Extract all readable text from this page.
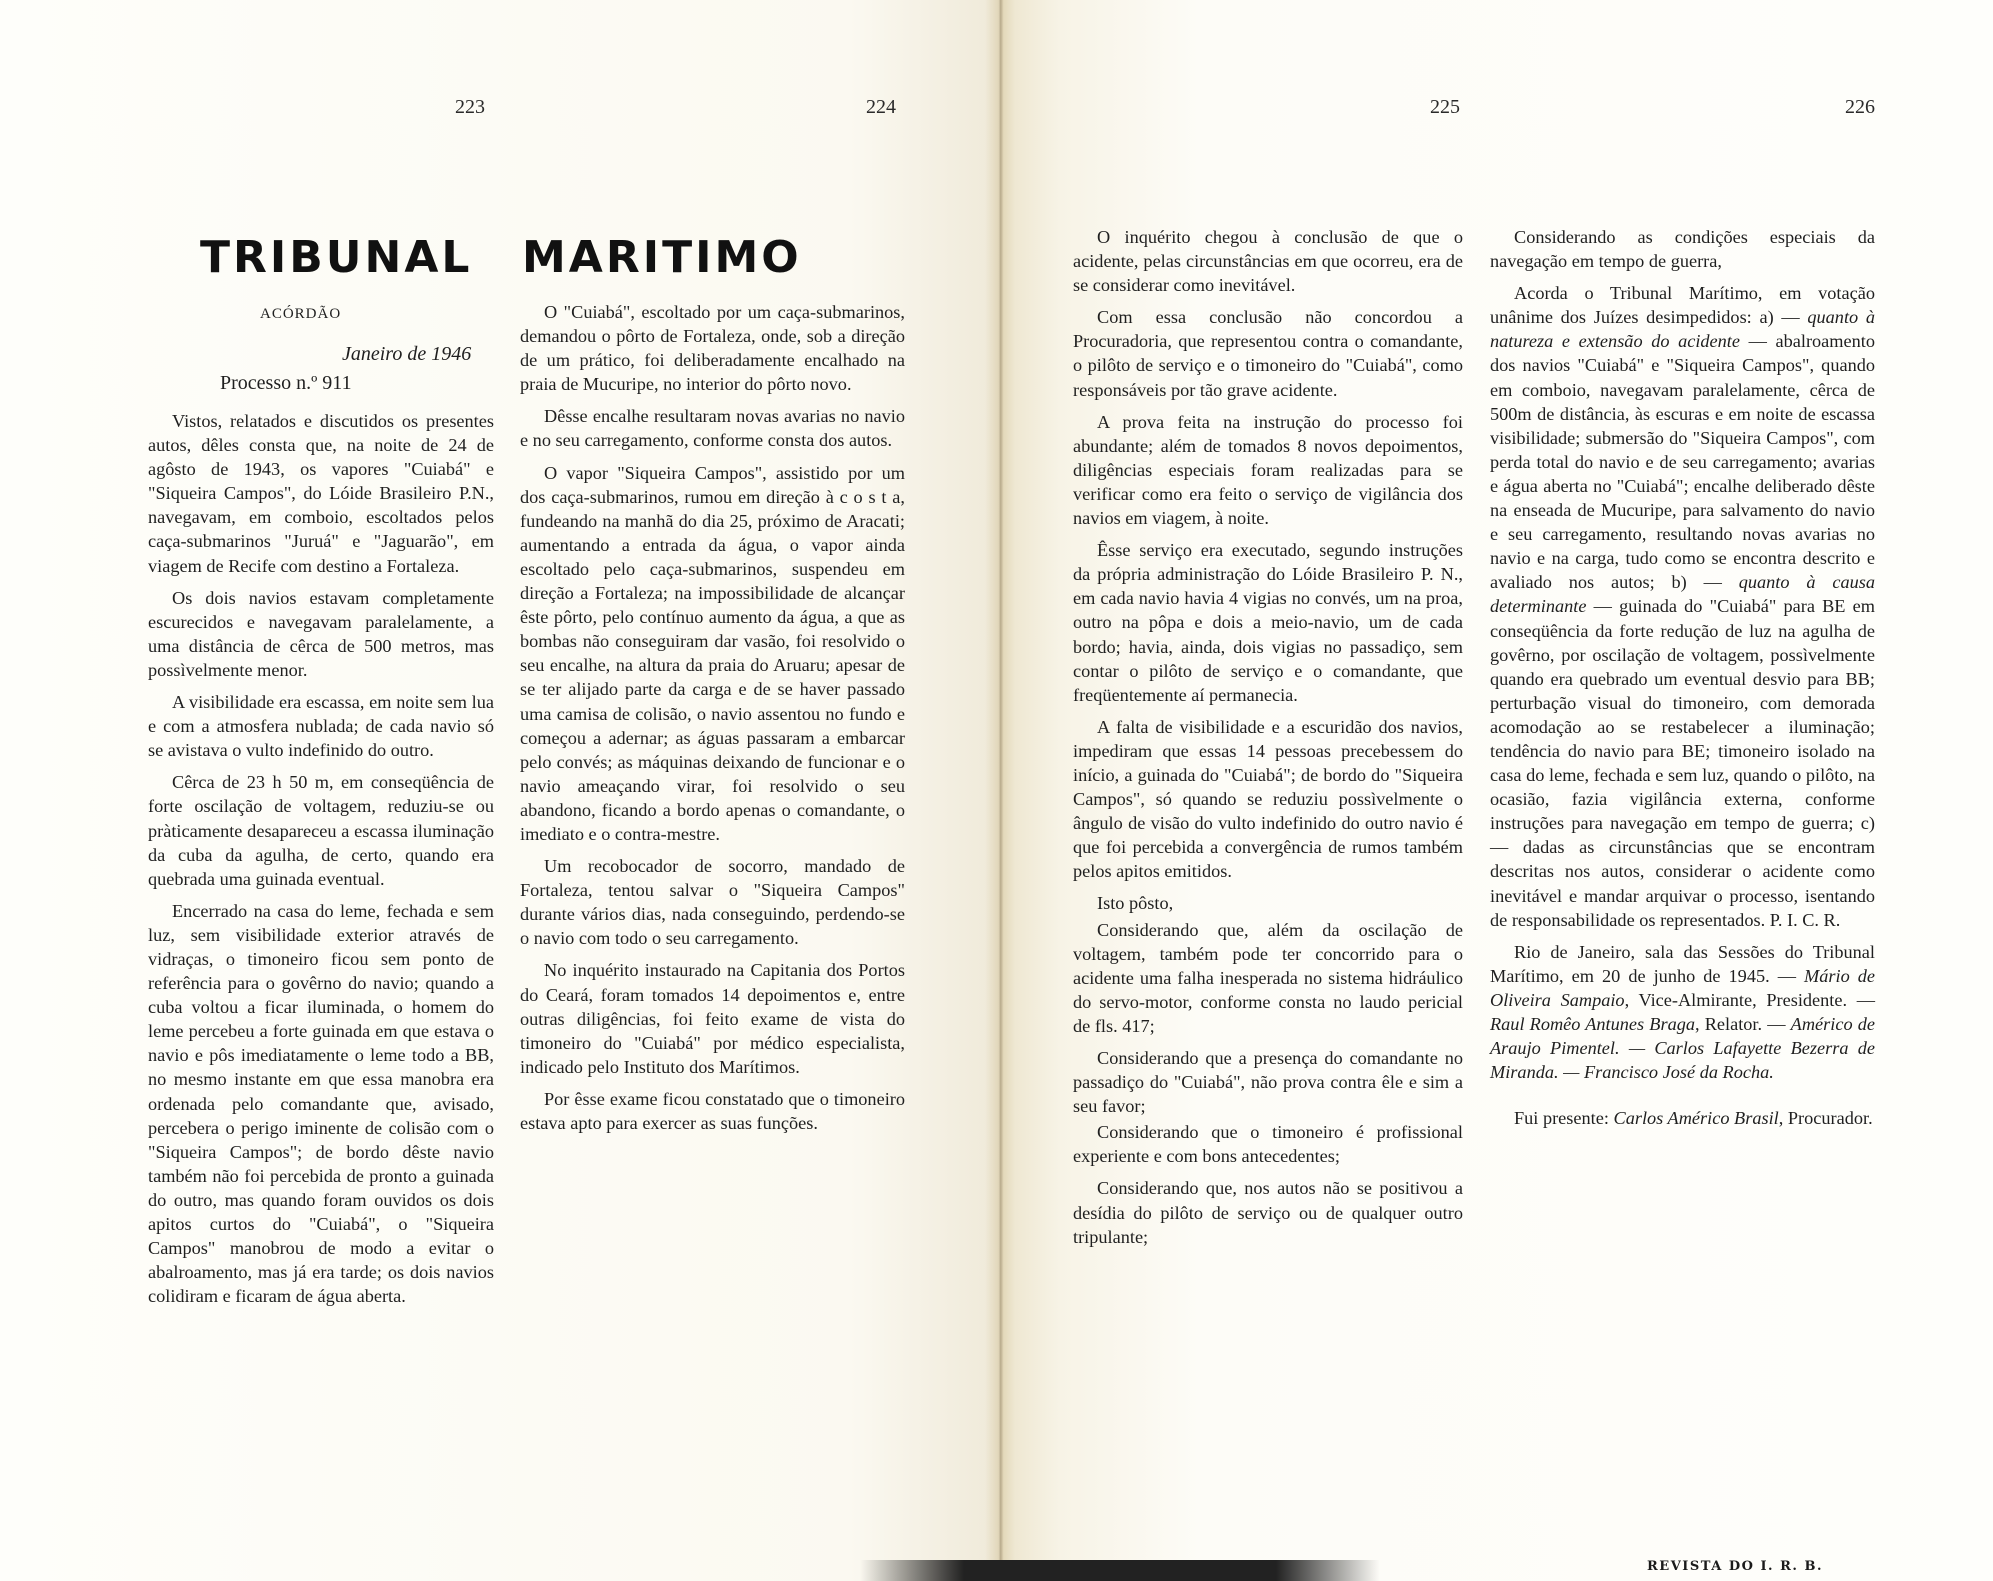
223	224	225	226
TRIBUNAL MARITIMO
ACÓRDÃO
Janeiro de 1946
Processo n.º 911

Vistos, relatados e discutidos os presentes autos, dêles consta que, na noite de 24 de agôsto de 1943, os vapores "Cuiabá" e "Siqueira Campos", do Lóide Brasileiro P.N., navegavam, em comboio, escoltados pelos caça-submarinos "Juruá" e "Jaguarão", em viagem de Recife com destino a Fortaleza.

Os dois navios estavam completamente escurecidos e navegavam paralelamente, a uma distância de cêrca de 500 metros, mas possìvelmente menor.

A visibilidade era escassa, em noite sem lua e com a atmosfera nublada; de cada navio só se avistava o vulto indefinido do outro.

Cêrca de 23 h 50 m, em conseqüência de forte oscilação de voltagem, reduziu-se ou pràticamente desapareceu a escassa iluminação da cuba da agulha, de certo, quando era quebrada uma guinada eventual.

Encerrado na casa do leme, fechada e sem luz, sem visibilidade exterior através de vidraças, o timoneiro ficou sem ponto de referência para o govêrno do navio; quando a cuba voltou a ficar iluminada, o homem do leme percebeu a forte guinada em que estava o navio e pôs imediatamente o leme todo a BB, no mesmo instante em que essa manobra era ordenada pelo comandante que, avisado, percebera o perigo iminente de colisão com o "Siqueira Campos"; de bordo dêste navio também não foi percebida de pronto a guinada do outro, mas quando foram ouvidos os dois apitos curtos do "Cuiabá", o "Siqueira Campos" manobrou de modo a evitar o abalroamento, mas já era tarde; os dois navios colidiram e ficaram de água aberta.

O "Cuiabá", escoltado por um caça-submarinos, demandou o pôrto de Fortaleza, onde, sob a direção de um prático, foi deliberadamente encalhado na praia de Mucuripe, no interior do pôrto novo.

Dêsse encalhe resultaram novas avarias no navio e no seu carregamento, conforme consta dos autos.

O vapor "Siqueira Campos", assistido por um dos caça-submarinos, rumou em direção à c o s t a, fundeando na manhã do dia 25, próximo de Aracati; aumentando a entrada da água, o vapor ainda escoltado pelo caça-submarinos, suspendeu em direção a Fortaleza; na impossibilidade de alcançar êste pôrto, pelo contínuo aumento da água, a que as bombas não conseguiram dar vasão, foi resolvido o seu encalhe, na altura da praia do Aruaru; apesar de se ter alijado parte da carga e de se haver passado uma camisa de colisão, o navio assentou no fundo e começou a adernar; as águas passaram a embarcar pelo convés; as máquinas deixando de funcionar e o navio ameaçando virar, foi resolvido o seu abandono, ficando a bordo apenas o comandante, o imediato e o contra-mestre.

Um recobocador de socorro, mandado de Fortaleza, tentou salvar o "Siqueira Campos" durante vários dias, nada conseguindo, perdendo-se o navio com todo o seu carregamento.

No inquérito instaurado na Capitania dos Portos do Ceará, foram tomados 14 depoimentos e, entre outras diligências, foi feito exame de vista do timoneiro do "Cuiabá" por médico especialista, indicado pelo Instituto dos Marítimos.

Por êsse exame ficou constatado que o timoneiro estava apto para exercer as suas funções.

O inquérito chegou à conclusão de que o acidente, pelas circunstâncias em que ocorreu, era de se considerar como inevitável.

Com essa conclusão não concordou a Procuradoria, que representou contra o comandante, o pilôto de serviço e o timoneiro do "Cuiabá", como responsáveis por tão grave acidente.

A prova feita na instrução do processo foi abundante; além de tomados 8 novos depoimentos, diligências especiais foram realizadas para se verificar como era feito o serviço de vigilância dos navios em viagem, à noite.

Êsse serviço era executado, segundo instruções da própria administração do Lóide Brasileiro P. N., em cada navio havia 4 vigias no convés, um na proa, outro na pôpa e dois a meio-navio, um de cada bordo; havia, ainda, dois vigias no passadiço, sem contar o pilôto de serviço e o comandante, que freqüentemente aí permanecia.

A falta de visibilidade e a escuridão dos navios, impediram que essas 14 pessoas precebessem do início, a guinada do "Cuiabá"; de bordo do "Siqueira Campos", só quando se reduziu possìvelmente o ângulo de visão do vulto indefinido do outro navio é que foi percebida a convergência de rumos também pelos apitos emitidos.

Isto pôsto,

Considerando que, além da oscilação de voltagem, também pode ter concorrido para o acidente uma falha inesperada no sistema hidráulico do servo-motor, conforme consta no laudo pericial de fls. 417;

Considerando que a presença do comandante no passadiço do "Cuiabá", não prova contra êle e sim a seu favor;

Considerando que o timoneiro é profissional experiente e com bons antecedentes;

Considerando que, nos autos não se positivou a desídia do pilôto de serviço ou de qualquer outro tripulante;

Considerando as condições especiais da navegação em tempo de guerra,

Acorda o Tribunal Marítimo, em votação unânime dos Juízes desimpedidos: a) — quanto à natureza e extensão do acidente — abalroamento dos navios "Cuiabá" e "Siqueira Campos", quando em comboio, navegavam paralelamente, cêrca de 500m de distância, às escuras e em noite de escassa visibilidade; submersão do "Siqueira Campos", com perda total do navio e de seu carregamento; avarias e água aberta no "Cuiabá"; encalhe deliberado dêste na enseada de Mucuripe, para salvamento do navio e seu carregamento, resultando novas avarias no navio e na carga, tudo como se encontra descrito e avaliado nos autos; b) — quanto à causa determinante — guinada do "Cuiabá" para BE em conseqüência da forte redução de luz na agulha de govêrno, por oscilação de voltagem, possìvelmente quando era quebrado um eventual desvio para BB; perturbação visual do timoneiro, com demorada acomodação ao se restabelecer a iluminação; tendência do navio para BE; timoneiro isolado na casa do leme, fechada e sem luz, quando o pilôto, na ocasião, fazia vigilância externa, conforme instruções para navegação em tempo de guerra; c) — dadas as circunstâncias que se encontram descritas nos autos, considerar o acidente como inevitável e mandar arquivar o processo, isentando de responsabilidade os representados. P. I. C. R.

Rio de Janeiro, sala das Sessões do Tribunal Marítimo, em 20 de junho de 1945. — Mário de Oliveira Sampaio, Vice-Almirante, Presidente. — Raul Romêo Antunes Braga, Relator. — Américo de Araujo Pimentel. — Carlos Lafayette Bezerra de Miranda. — Francisco José da Rocha.

Fui presente: Carlos Américo Brasil, Procurador.

REVISTA DO I. R. B.
